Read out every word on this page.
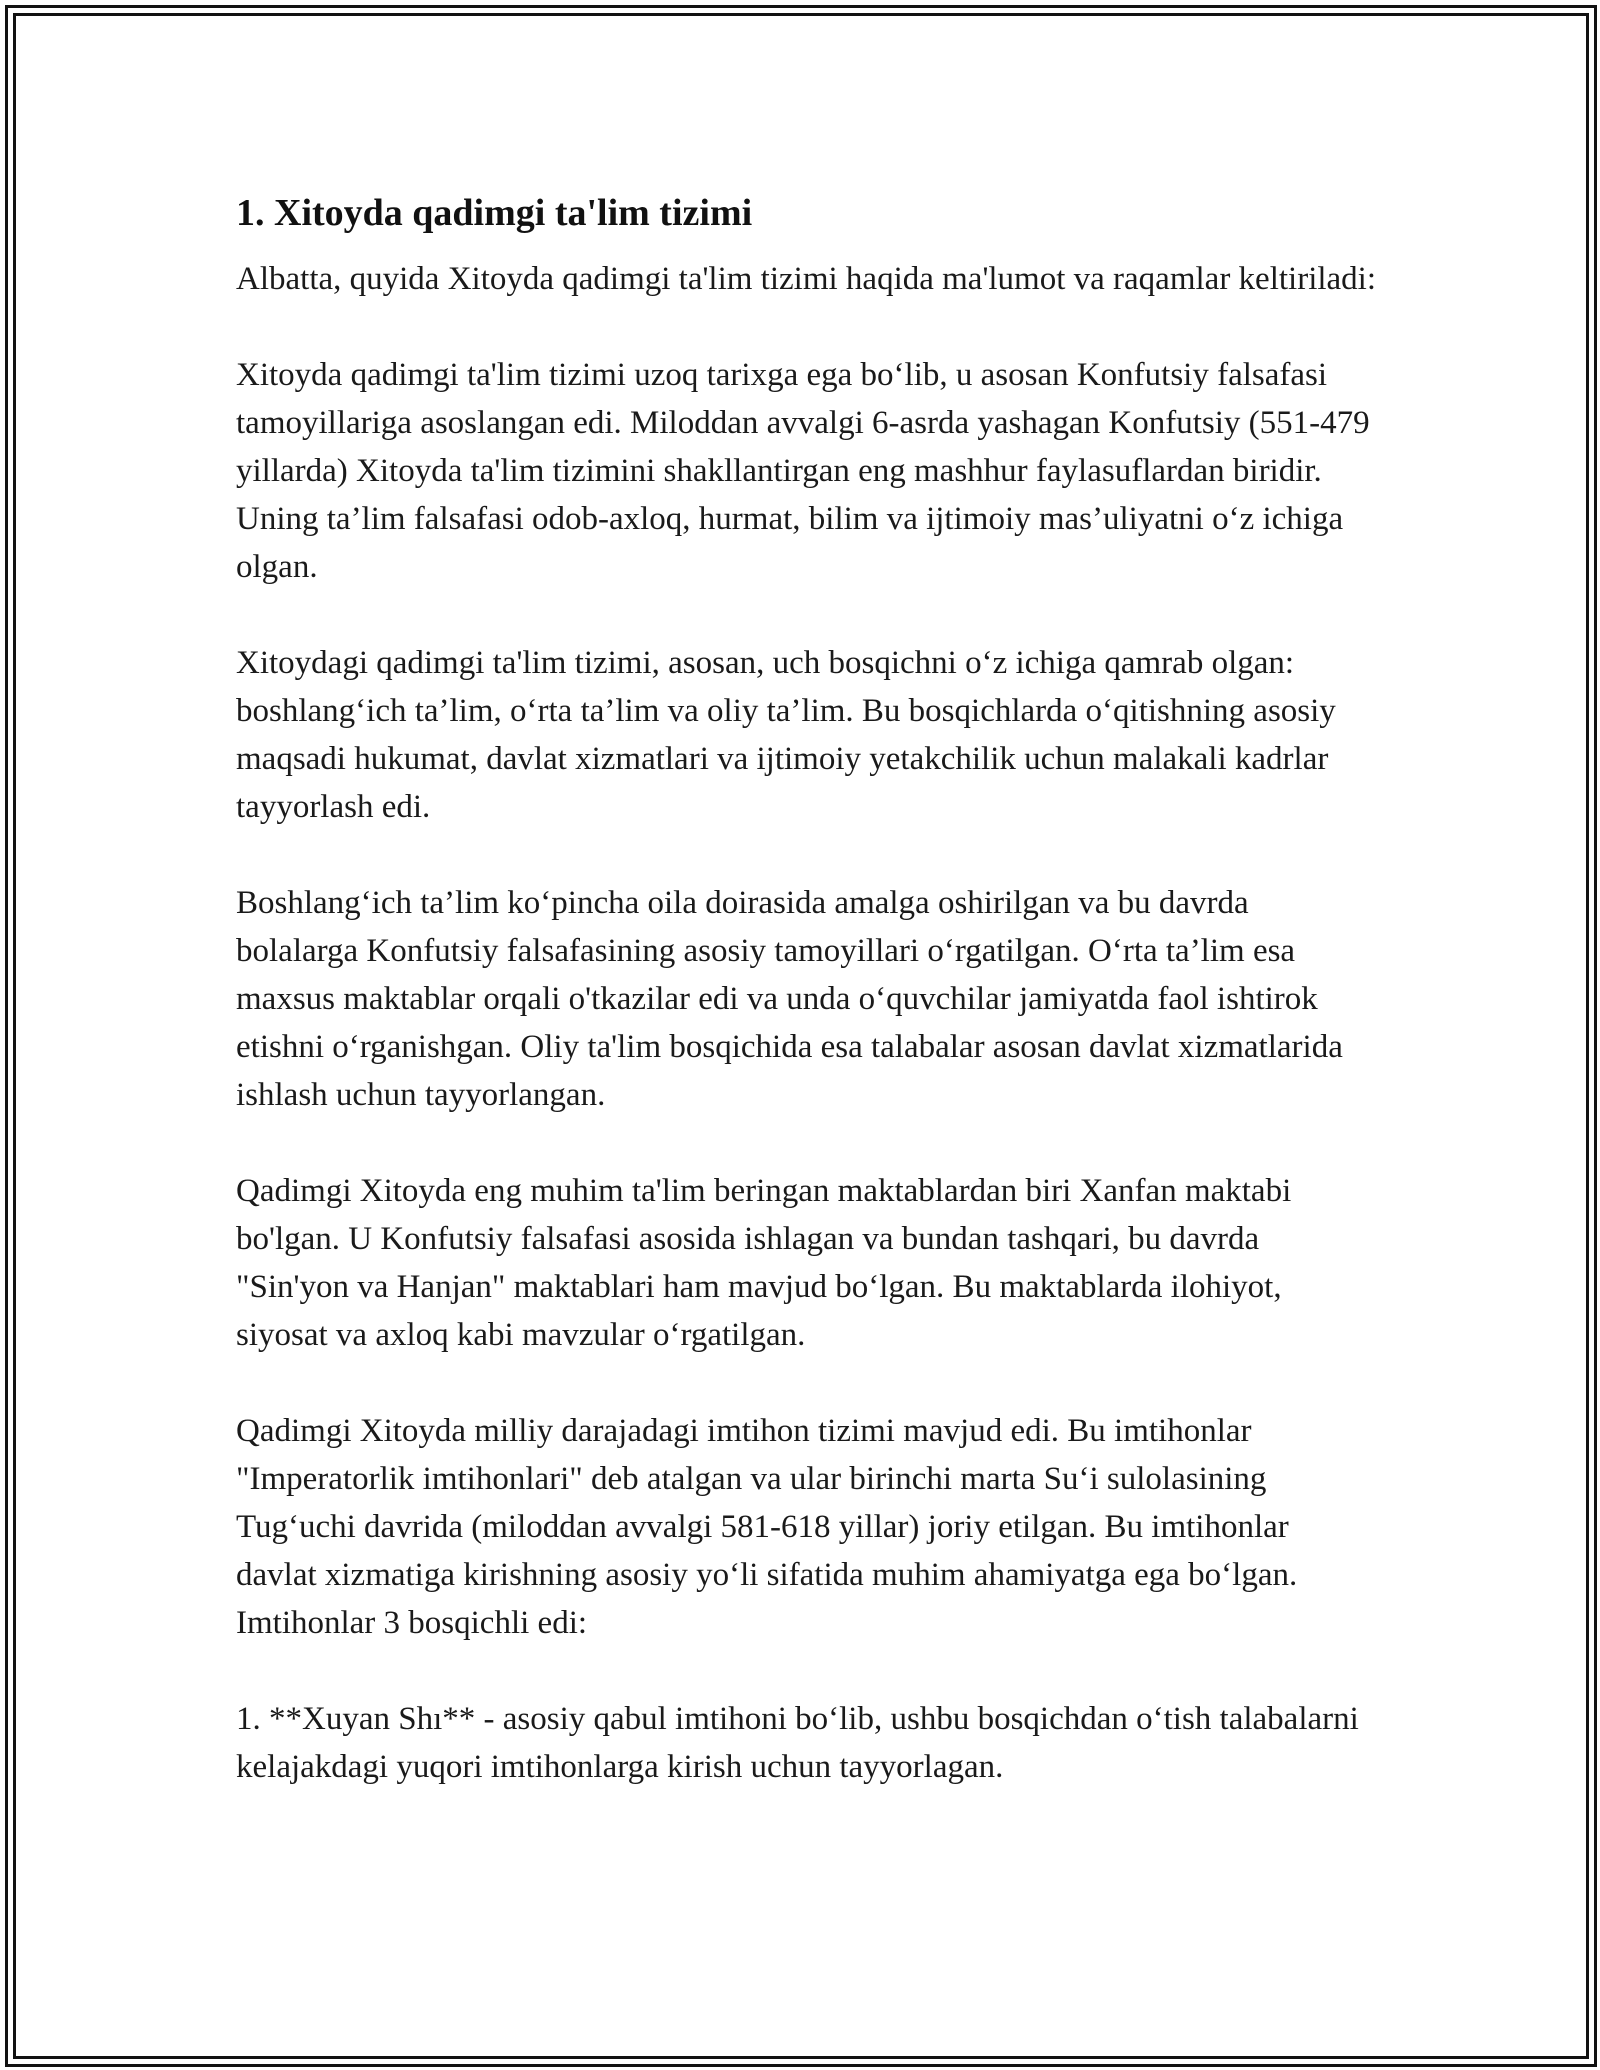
1. Xitoyda qadimgi ta'lim tizimi

Albatta, quyida Xitoyda qadimgi ta'lim tizimi haqida ma'lumot va raqamlar keltiriladi:

Xitoyda qadimgi ta'lim tizimi uzoq tarixga ega bo‘lib, u asosan Konfutsiy falsafasi tamoyillariga asoslangan edi. Miloddan avvalgi 6-asrda yashagan Konfutsiy (551-479 yillarda) Xitoyda ta'lim tizimini shakllantirgan eng mashhur faylasuflardan biridir. Uning ta’lim falsafasi odob-axloq, hurmat, bilim va ijtimoiy mas’uliyatni o‘z ichiga olgan.

Xitoydagi qadimgi ta'lim tizimi, asosan, uch bosqichni o‘z ichiga qamrab olgan: boshlang‘ich ta’lim, o‘rta ta’lim va oliy ta’lim. Bu bosqichlarda o‘qitishning asosiy maqsadi hukumat, davlat xizmatlari va ijtimoiy yetakchilik uchun malakali kadrlar tayyorlash edi.

Boshlang‘ich ta’lim ko‘pincha oila doirasida amalga oshirilgan va bu davrda bolalarga Konfutsiy falsafasining asosiy tamoyillari o‘rgatilgan. O‘rta ta’lim esa maxsus maktablar orqali o'tkazilar edi va unda o‘quvchilar jamiyatda faol ishtirok etishni o‘rganishgan. Oliy ta'lim bosqichida esa talabalar asosan davlat xizmatlarida ishlash uchun tayyorlangan.

Qadimgi Xitoyda eng muhim ta'lim beringan maktablardan biri Xanfan maktabi bo'lgan. U Konfutsiy falsafasi asosida ishlagan va bundan tashqari, bu davrda "Sin'yon va Hanjan" maktablari ham mavjud bo‘lgan. Bu maktablarda ilohiyot, siyosat va axloq kabi mavzular o‘rgatilgan.

Qadimgi Xitoyda milliy darajadagi imtihon tizimi mavjud edi. Bu imtihonlar "Imperatorlik imtihonlari" deb atalgan va ular birinchi marta Su‘i sulolasining Tug‘uchi davrida (miloddan avvalgi 581-618 yillar) joriy etilgan. Bu imtihonlar davlat xizmatiga kirishning asosiy yo‘li sifatida muhim ahamiyatga ega bo‘lgan. Imtihonlar 3 bosqichli edi:

1. **Xuyan Shı** - asosiy qabul imtihoni bo‘lib, ushbu bosqichdan o‘tish talabalarni kelajakdagi yuqori imtihonlarga kirish uchun tayyorlagan.
